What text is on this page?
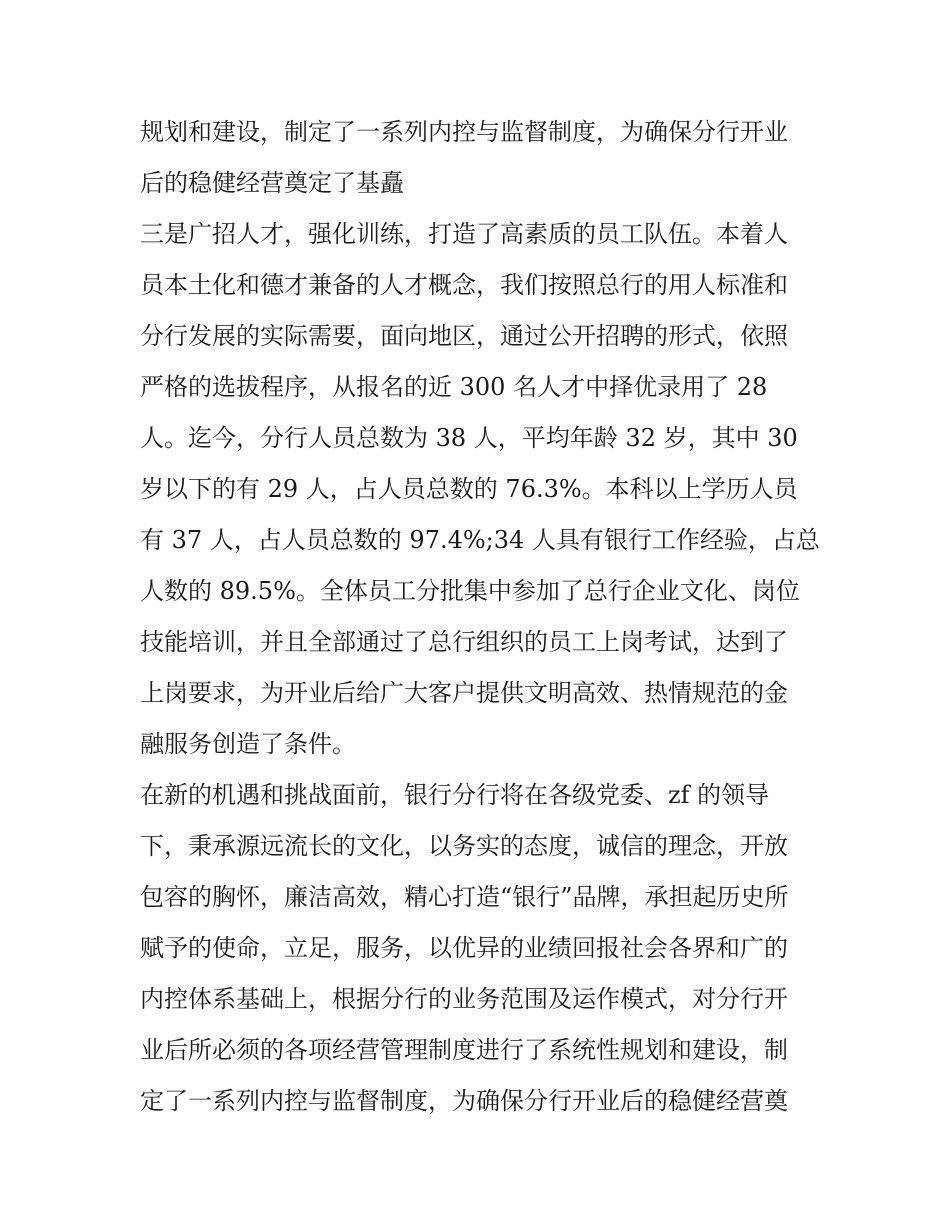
规划和建设，制定了一系列内控与监督制度，为确保分行开业
后的稳健经营奠定了基矗
三是广招人才，强化训练，打造了高素质的员工队伍。本着人
员本土化和德才兼备的人才概念，我们按照总行的用人标准和
分行发展的实际需要，面向地区，通过公开招聘的形式，依照
严格的选拔程序，从报名的近 300 名人才中择优录用了 28
人。迄今，分行人员总数为 38 人，平均年龄 32 岁，其中 30
岁以下的有 29 人，占人员总数的 76.3%。本科以上学历人员
有 37 人，占人员总数的 97.4%;34 人具有银行工作经验，占总
人数的 89.5%。全体员工分批集中参加了总行企业文化、岗位
技能培训，并且全部通过了总行组织的员工上岗考试，达到了
上岗要求，为开业后给广大客户提供文明高效、热情规范的金
融服务创造了条件。
在新的机遇和挑战面前，银行分行将在各级党委、zf 的领导
下，秉承源远流长的文化，以务实的态度，诚信的理念，开放
包容的胸怀，廉洁高效，精心打造“银行”品牌，承担起历史所
赋予的使命，立足，服务，以优异的业绩回报社会各界和广的
内控体系基础上，根据分行的业务范围及运作模式，对分行开
业后所必须的各项经营管理制度进行了系统性规划和建设，制
定了一系列内控与监督制度，为确保分行开业后的稳健经营奠
